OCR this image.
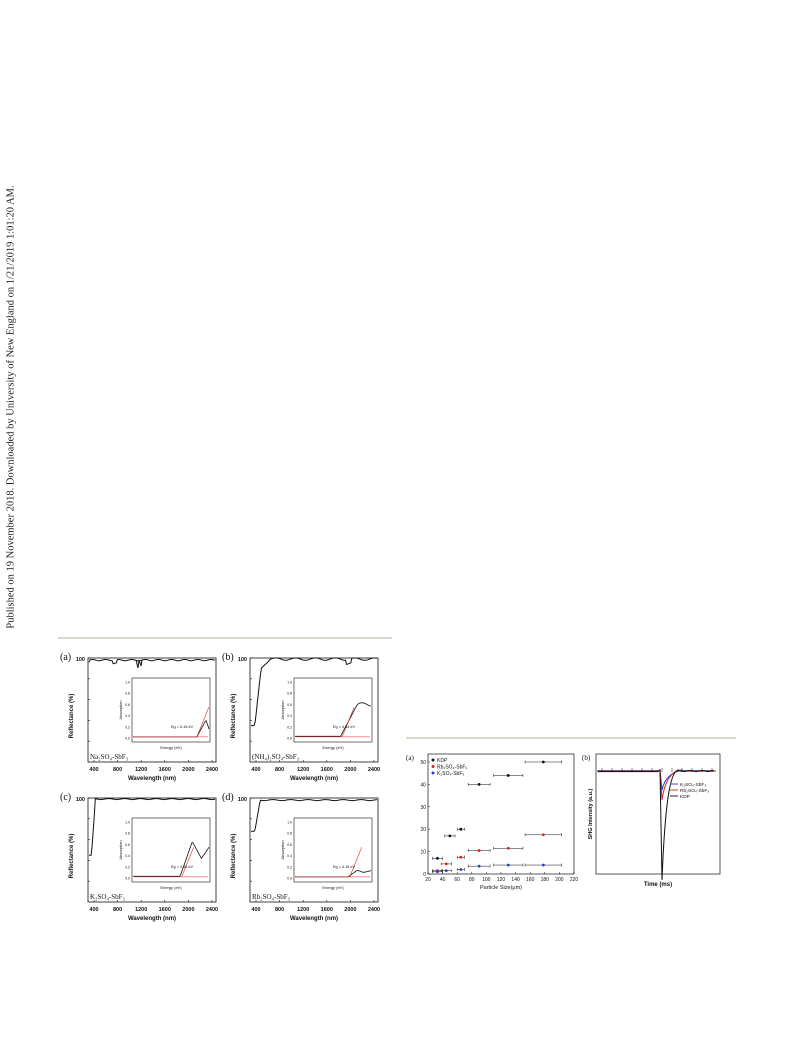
Published on 19 November 2018. Downloaded by University of New England on 1/21/2019 1:01:20 AM.
(a) 100
400	800 1200 1600 2000 2400
Wavelength (nm)
Reflectance (%)
1.0
0.8
0.6
0.4
0.2
0.0
Absorption
Energy (eV)
Eg = 5.15 eV
Na₂SO₄-SbF₃
(b) 100
400	800 1200 1600 2000 2400
Wavelength (nm)
Reflectance (%)
1.0
0.8
0.6
0.4
0.2
0.0
Absorption
Energy (eV)
Eg = 4.34 eV
(NH₄)₂SO₄-SbF₃
(c) 100
400	800 1200 1600 2000 2400
Wavelength (nm)
Reflectance (%)
1.0
0.8
0.6
0.4
0.2
0.0
Absorption
Energy (eV)
Eg = 4.46 eV
K₂SO₄-SbF₃
(d) 100
400	800 1200 1600 2000 2400
Wavelength (nm)
Reflectance (%)
1.0
0.8
0.6
0.4
0.2
0.0
Absorption
Energy (eV)
Eg = 4.16 eV
Rb₂SO₄-SbF₃
(a)
0
10
20
30
40
50
20 40 60 80 100 120 140 160 180 200 220
Particle Size(μm)
KDP
Rb₂SO₄-SbF₃
K₂SO₄-SbF₃
(b)
SHG Intensity (a.u.)
Time (ms)
K₂SO₄-SbF₃
Rb₂SO₄-SbF₃
KDP
